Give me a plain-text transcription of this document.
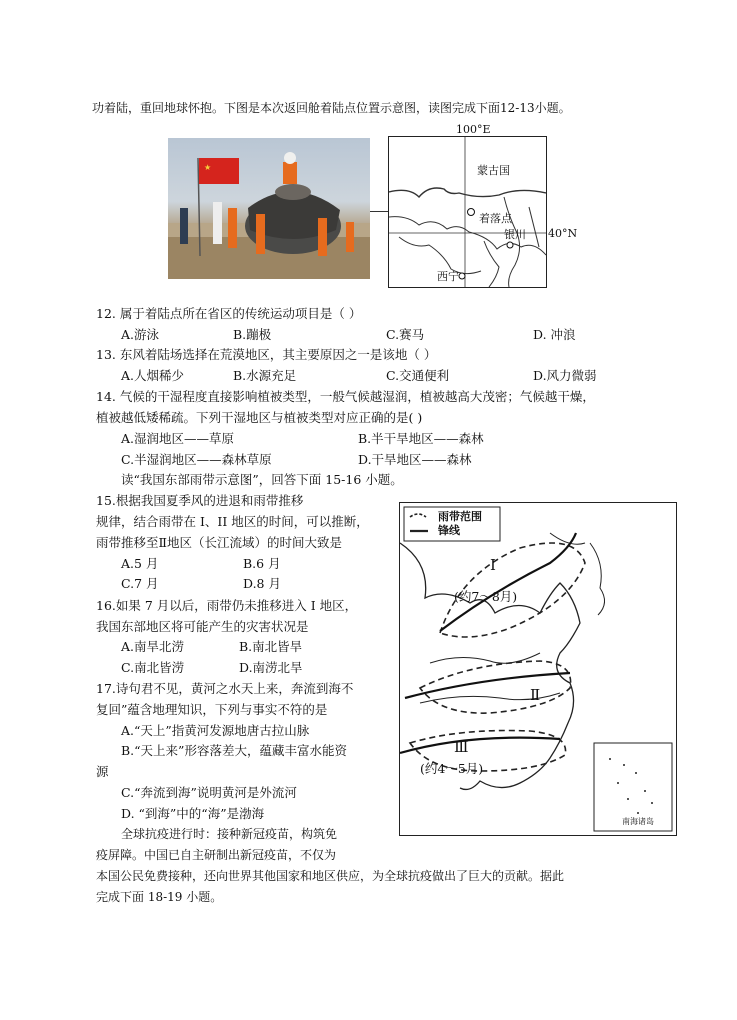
功着陆，重回地球怀抱。下图是本次返回舱着陆点位置示意图，读图完成下面12-13小题。
★
100°E
40°N
蒙古国
着落点
银川
西宁
12. 属于着陆点所在省区的传统运动项目是（ ）
A.游泳	B.蹦极	C.赛马	D. 冲浪
13. 东风着陆场选择在荒漠地区，其主要原因之一是该地（ ）
A.人烟稀少	B.水源充足	C.交通便利	D.风力微弱
14. 气候的干湿程度直接影响植被类型，一般气候越湿润，植被越高大茂密；气候越干燥，
植被越低矮稀疏。下列干湿地区与植被类型对应正确的是( )
A.湿润地区——草原	B.半干旱地区——森林
C.半湿润地区——森林草原	D.干旱地区——森林
读“我国东部雨带示意图”，回答下面 15-16 小题。
15.根据我国夏季风的进退和雨带推移
规律，结合雨带在 I、II 地区的时间，可以推断，
雨带推移至Ⅱ地区（长江流域）的时间大致是
A.5 月	B.6 月
C.7 月	D.8 月
16.如果 7 月以后，雨带仍未推移进入 I 地区，
我国东部地区将可能产生的灾害状况是
A.南旱北涝	B.南北皆旱
C.南北皆涝	D.南涝北旱
17.诗句君不见，黄河之水天上来，奔流到海不
复回”蕴含地理知识，下列与事实不符的是
A.“天上”指黄河发源地唐古拉山脉
B.“天上来”形容落差大，蕴藏丰富水能资
源
C.“奔流到海”说明黄河是外流河
D. “到海”中的“海”是渤海
雨带范围
锋线
I
(约7～8月)
Ⅱ
Ⅲ
(约4～5月)
南海诸岛
全球抗疫进行时：接种新冠疫苗，构筑免
疫屏障。中国已自主研制出新冠疫苗，不仅为
本国公民免费接种，还向世界其他国家和地区供应，为全球抗疫做出了巨大的贡献。据此
完成下面 18-19 小题。
